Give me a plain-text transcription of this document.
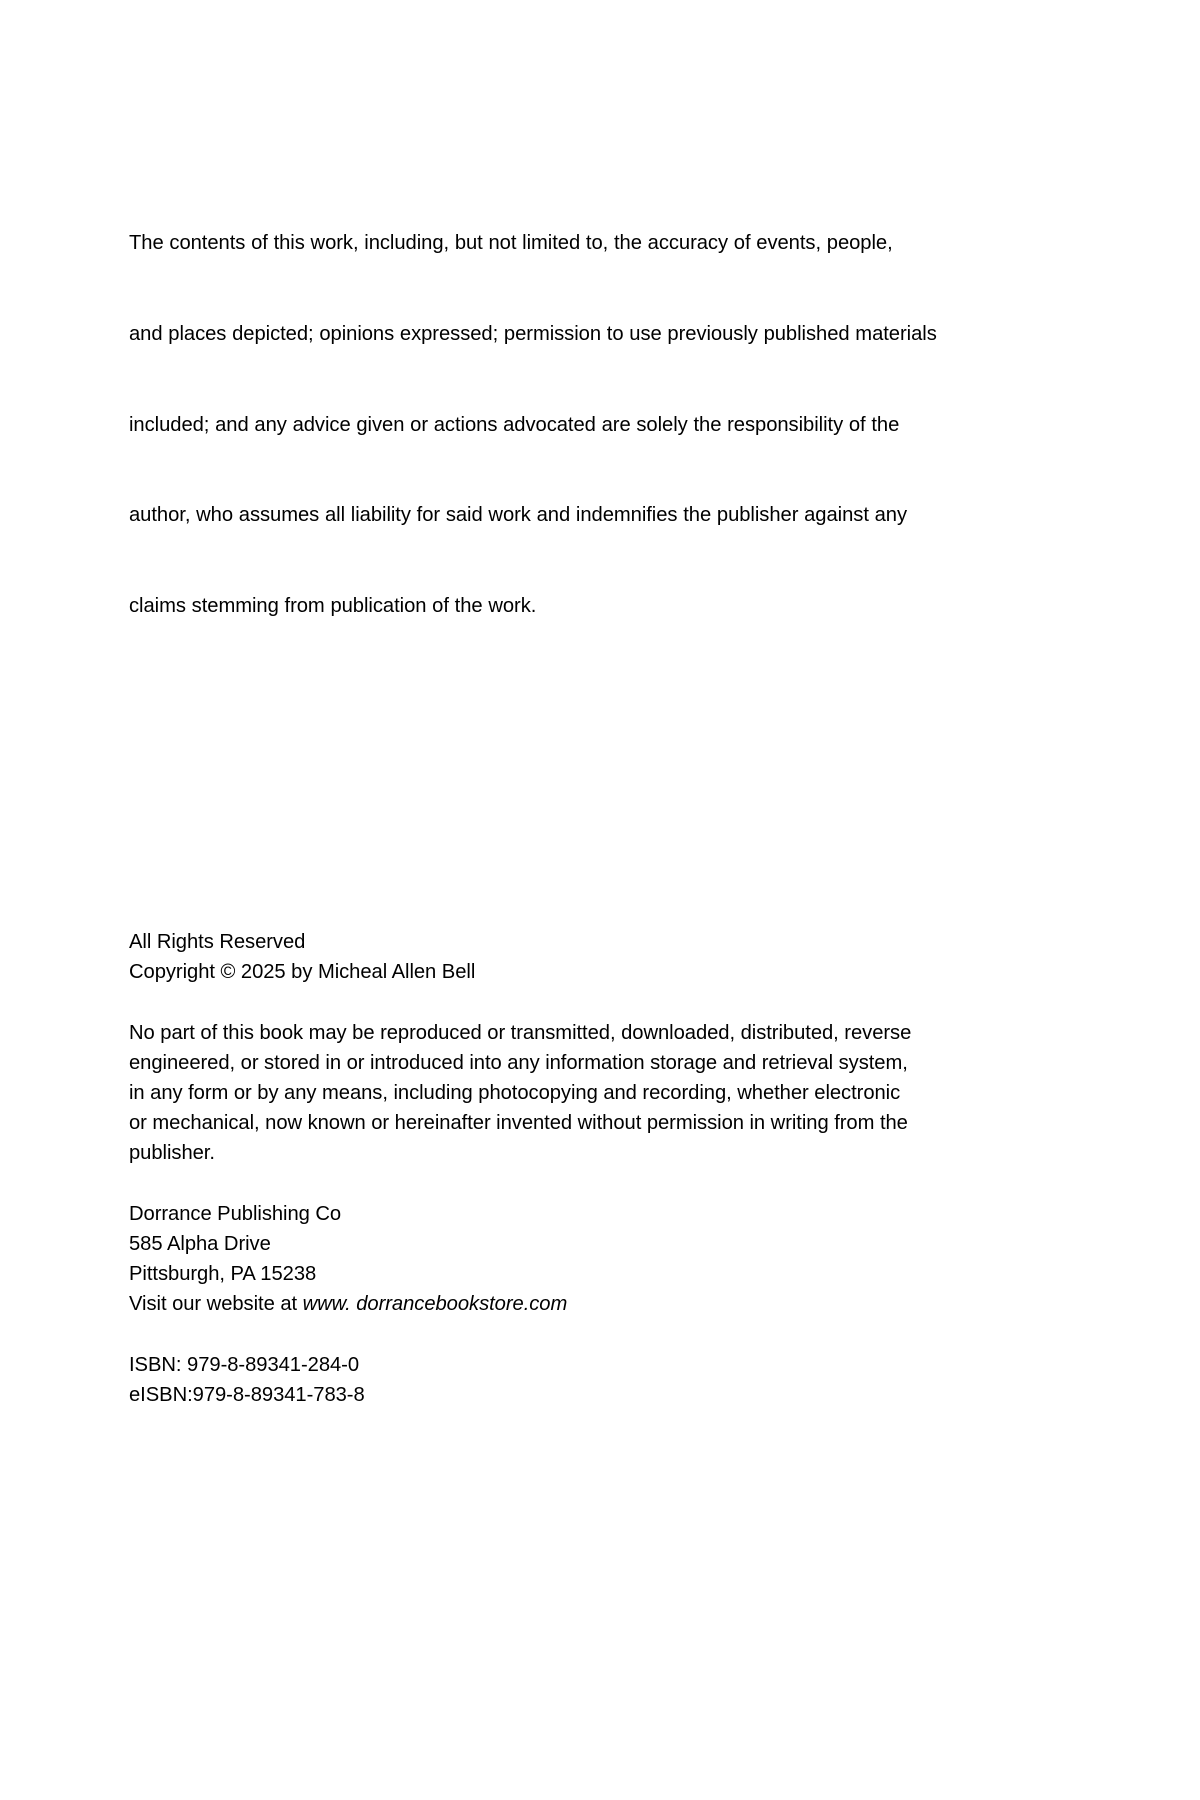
The contents of this work, including, but not limited to, the accuracy of events, people,

and places depicted; opinions expressed; permission to use previously published materials

included; and any advice given or actions advocated are solely the responsibility of the

author, who assumes all liability for said work and indemnifies the publisher against any

claims stemming from publication of the work.

All Rights Reserved
Copyright © 2025 by Micheal Allen Bell
No part of this book may be reproduced or transmitted, downloaded, distributed, reverse
engineered, or stored in or introduced into any information storage and retrieval system,
in any form or by any means, including photocopying and recording, whether electronic
or mechanical, now known or hereinafter invented without permission in writing from the
publisher.
Dorrance Publishing Co
585 Alpha Drive
Pittsburgh, PA 15238
Visit our website at www. dorrancebookstore.com
ISBN: 979-8-89341-284-0
eISBN:979-8-89341-783-8
